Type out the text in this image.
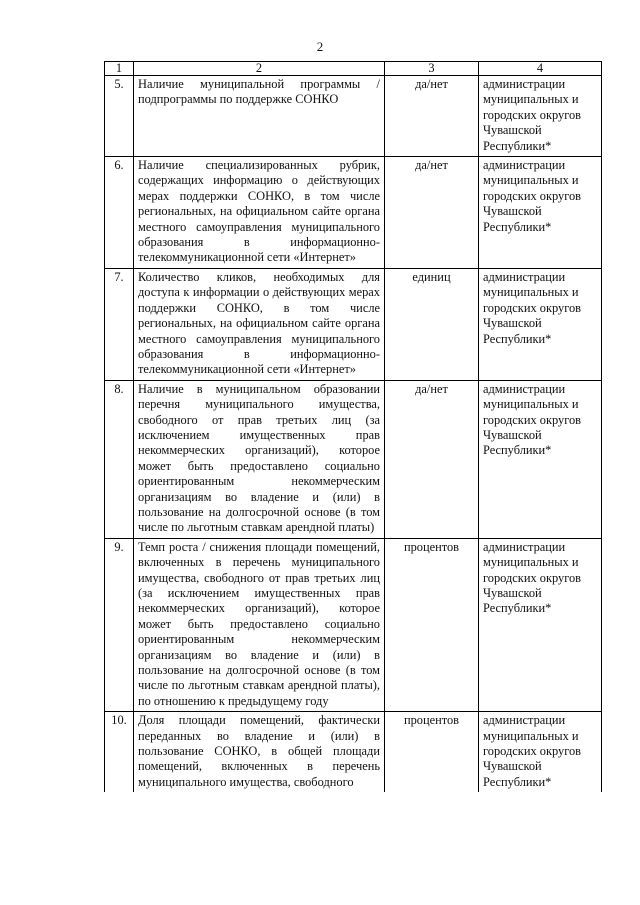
2
1	2	3	4
5.	Наличие муниципальной программы / подпрограммы по поддержке СОНКО	да/нет	администрации муниципальных и городских округов Чувашской Республики*
6.	Наличие специализированных рубрик, содержащих информацию о действующих мерах поддержки СОНКО, в том числе региональных, на официальном сайте органа местного самоуправления муниципального образования в информационно-телекоммуникационной сети «Интернет»	да/нет	администрации муниципальных и городских округов Чувашской Республики*
7.	Количество кликов, необходимых для доступа к информации о действующих мерах поддержки СОНКО, в том числе региональных, на официальном сайте органа местного самоуправления муниципального образования в информационно-телекоммуникационной сети «Интернет»	единиц	администрации муниципальных и городских округов Чувашской Республики*
8.	Наличие в муниципальном образовании перечня муниципального имущества, свободного от прав третьих лиц (за исключением имущественных прав некоммерческих организаций), которое может быть предоставлено социально ориентированным некоммерческим организациям во владение и (или) в пользование на долгосрочной основе (в том числе по льготным ставкам арендной платы)	да/нет	администрации муниципальных и городских округов Чувашской Республики*
9.	Темп роста / снижения площади помещений, включенных в перечень муниципального имущества, свободного от прав третьих лиц (за исключением имущественных прав некоммерческих организаций), которое может быть предоставлено социально ориентированным некоммерческим организациям во владение и (или) в пользование на долгосрочной основе (в том числе по льготным ставкам арендной платы), по отношению к предыдущему году	процентов	администрации муниципальных и городских округов Чувашской Республики*
10.	Доля площади помещений, фактически переданных во владение и (или) в пользование СОНКО, в общей площади помещений, включенных в перечень муниципального имущества, свободного	процентов	администрации муниципальных и городских округов Чувашской Республики*
